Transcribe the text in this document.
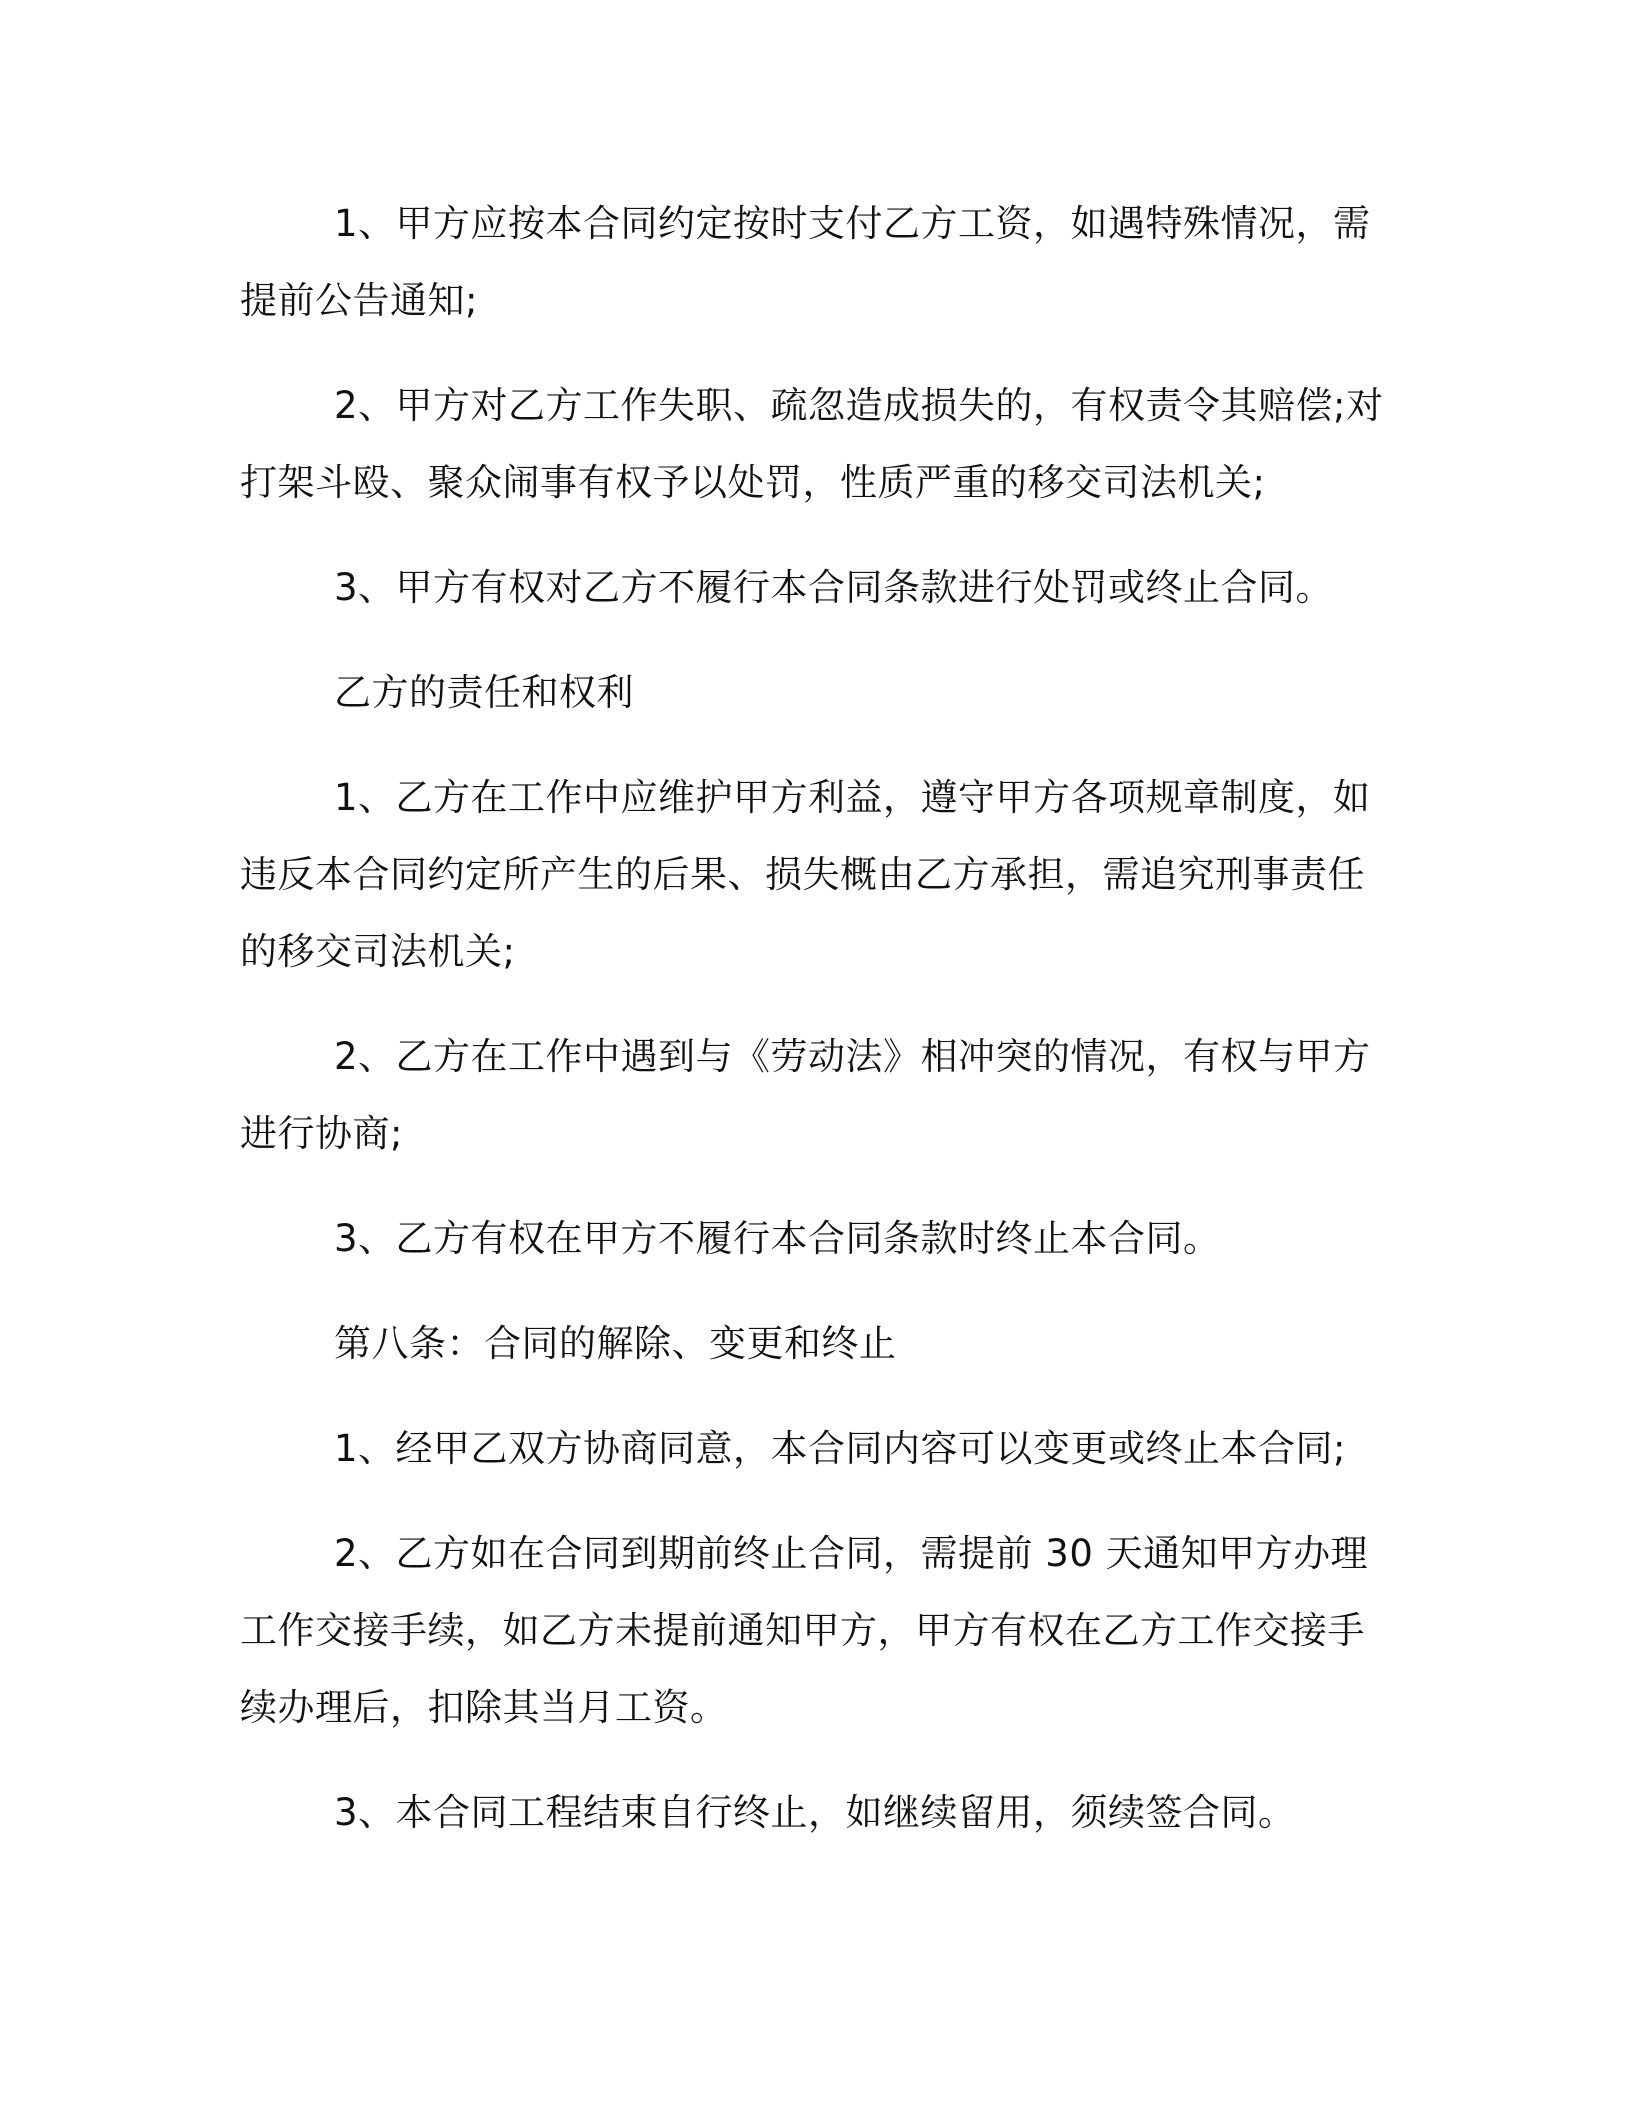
1、甲方应按本合同约定按时支付乙方工资，如遇特殊情况，需提前公告通知;

2、甲方对乙方工作失职、疏忽造成损失的，有权责令其赔偿;对打架斗殴、聚众闹事有权予以处罚，性质严重的移交司法机关;

3、甲方有权对乙方不履行本合同条款进行处罚或终止合同。

乙方的责任和权利

1、乙方在工作中应维护甲方利益，遵守甲方各项规章制度，如违反本合同约定所产生的后果、损失概由乙方承担，需追究刑事责任的移交司法机关;

2、乙方在工作中遇到与《劳动法》相冲突的情况，有权与甲方进行协商;

3、乙方有权在甲方不履行本合同条款时终止本合同。

第八条：合同的解除、变更和终止

1、经甲乙双方协商同意，本合同内容可以变更或终止本合同;

2、乙方如在合同到期前终止合同，需提前 30 天通知甲方办理工作交接手续，如乙方未提前通知甲方，甲方有权在乙方工作交接手续办理后，扣除其当月工资。

3、本合同工程结束自行终止，如继续留用，须续签合同。
